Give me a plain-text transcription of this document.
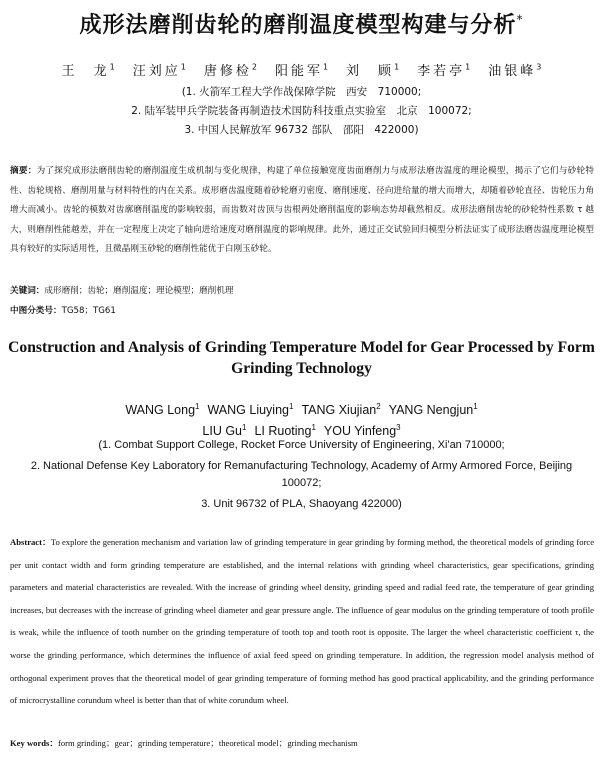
成形法磨削齿轮的磨削温度模型构建与分析*
王　龙$^1$ 汪刘应$^1$ 唐修检$^2$ 阳能军$^1$ 刘　顾$^1$ 李若亭$^1$ 油银峰$^3$
(1. 火箭军工程大学作战保障学院　西安　710000;
2. 陆军装甲兵学院装备再制造技术国防科技重点实验室　北京　100072;
3. 中国人民解放军 96732 部队　邵阳　422000)
摘要：为了探究成形法磨削齿轮的磨削温度生成机制与变化规律，构建了单位接触宽度齿面磨削力与成形法磨齿温度的理论模型，揭示了它们与砂轮特性、齿轮规格、磨削用量与材料特性的内在关系。成形磨齿温度随着砂轮磨刃密度、磨削速度、径向进给量的增大而增大，却随着砂轮直径、齿轮压力角增大而减小。齿轮的模数对齿廓磨削温度的影响较弱，而齿数对齿顶与齿根两处磨削温度的影响态势却截然相反。成形法磨削齿轮的砂轮特性系数 τ 越大，则磨削性能越差，并在一定程度上决定了轴向进给速度对磨削温度的影响规律。此外，通过正交试验回归模型分析法证实了成形法磨齿温度理论模型具有较好的实际适用性，且微晶刚玉砂轮的磨削性能优于白刚玉砂轮。
关键词：成形磨削；齿轮；磨削温度；理论模型；磨削机理
中图分类号：TG58；TG61
Construction and Analysis of Grinding Temperature Model for Gear Processed by Form Grinding Technology
WANG Long$^1$ WANG Liuying$^1$ TANG Xiujian$^2$ YANG Nengjun$^1$
LIU Gu$^1$ LI Ruoting$^1$ YOU Yinfeng$^3$
(1. Combat Support College, Rocket Force University of Engineering, Xi'an 710000;
2. National Defense Key Laboratory for Remanufacturing Technology, Academy of Army Armored Force, Beijing 100072;
3. Unit 96732 of PLA, Shaoyang 422000)
Abstract：To explore the generation mechanism and variation law of grinding temperature in gear grinding by forming method, the theoretical models of grinding force per unit contact width and form grinding temperature are established, and the internal relations with grinding wheel characteristics, gear specifications, grinding parameters and material characteristics are revealed. With the increase of grinding wheel density, grinding speed and radial feed rate, the temperature of gear grinding increases, but decreases with the increase of grinding wheel diameter and gear pressure angle. The influence of gear modulus on the grinding temperature of tooth profile is weak, while the influence of tooth number on the grinding temperature of tooth top and tooth root is opposite. The larger the wheel characteristic coefficient τ, the worse the grinding performance, which determines the influence of axial feed speed on grinding temperature. In addition, the regression model analysis method of orthogonal experiment proves that the theoretical model of gear grinding temperature of forming method has good practical applicability, and the grinding performance of microcrystalline corundum wheel is better than that of white corundum wheel.
Key words：form grinding；gear；grinding temperature；theoretical model；grinding mechanism
